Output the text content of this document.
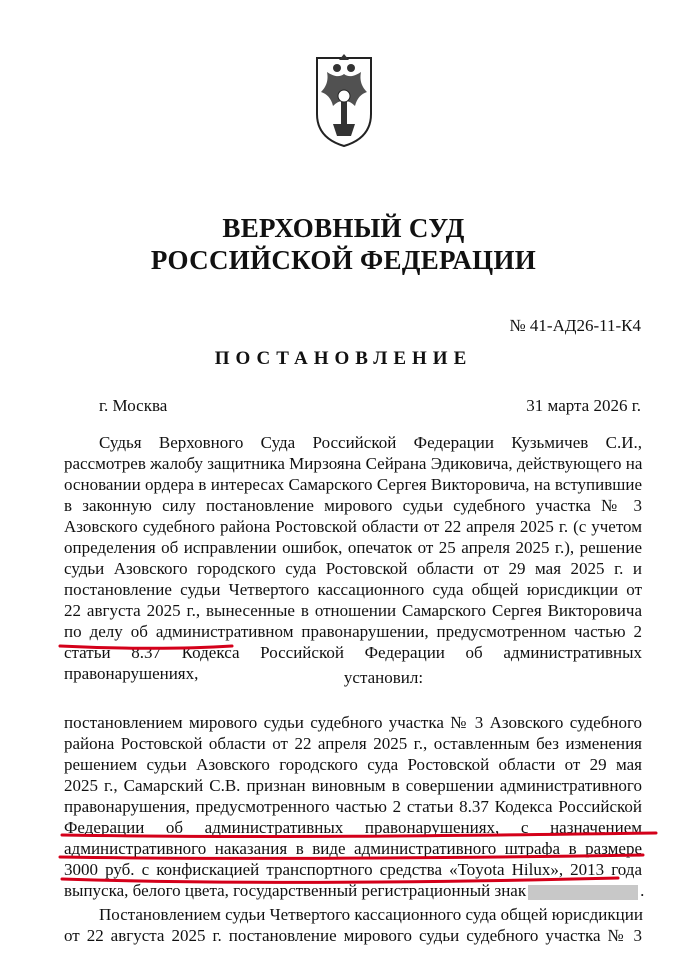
ВЕРХОВНЫЙ СУД
РОССИЙСКОЙ ФЕДЕРАЦИИ
№ 41-АД26-11-К4
ПОСТАНОВЛЕНИЕ
г. Москва	31 марта 2026 г.
Судья Верховного Суда Российской Федерации Кузьмичев С.И.,
рассмотрев жалобу защитника Мирзояна Сейрана Эдиковича, действующего на
основании ордера в интересах Самарского Сергея Викторовича, на вступившие
в законную силу постановление мирового судьи судебного участка № 3
Азовского судебного района Ростовской области от 22 апреля 2025 г. (с учетом
определения об исправлении ошибок, опечаток от 25 апреля 2025 г.), решение
судьи Азовского городского суда Ростовской области от 29 мая 2025 г. и
постановление судьи Четвертого кассационного суда общей юрисдикции от
22 августа 2025 г., вынесенные в отношении Самарского Сергея Викторовича
по делу об административном правонарушении, предусмотренном частью 2
статьи 8.37 Кодекса Российской Федерации об административных
правонарушениях,	установил:
постановлением мирового судьи судебного участка № 3 Азовского судебного
района Ростовской области от 22 апреля 2025 г., оставленным без изменения
решением судьи Азовского городского суда Ростовской области от 29 мая
2025 г., Самарский С.В. признан виновным в совершении административного
правонарушения, предусмотренного частью 2 статьи 8.37 Кодекса Российской
Федерации об административных правонарушениях, с назначением
административного наказания в виде административного штрафа в размере
3000 руб. с конфискацией транспортного средства «Toyota Hilux», 2013 года
выпуска, белого цвета, государственный регистрационный знак	.
Постановлением судьи Четвертого кассационного суда общей юрисдикции
от 22 августа 2025 г. постановление мирового судьи судебного участка № 3
